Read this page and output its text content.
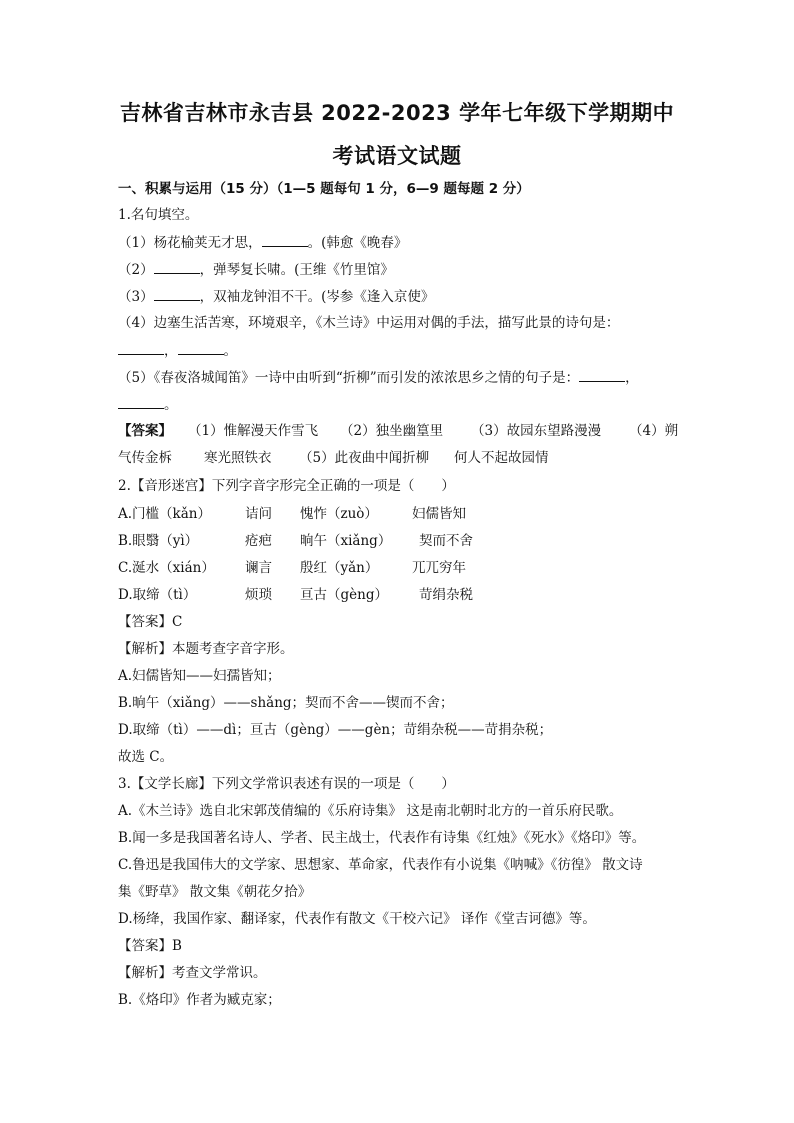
吉林省吉林市永吉县 2022-2023 学年七年级下学期期中
考试语文试题
一、积累与运用（15 分）（1—5 题每句 1 分，6—9 题每题 2 分）
1.名句填空。
（1）杨花榆荚无才思，	。(韩愈《晚春》
（2）	，弹琴复长啸。(王维《竹里馆》
（3）	，双袖龙钟泪不干。(岑参《逢入京使》
（4）边塞生活苦寒，环境艰辛，《木兰诗》中运用对偶的手法，描写此景的诗句是：
，	。
（5）《春夜洛城闻笛》一诗中由听到“折柳”而引发的浓浓思乡之情的句子是：	，
。
【答案】 （1）惟解漫天作雪飞 （2）独坐幽篁里 （3）故园东望路漫漫 （4）朔
气传金柝 寒光照铁衣 （5）此夜曲中闻折柳 何人不起故园情
2.【音形迷宫】下列字音字形完全正确的一项是（　　）
A.门槛（kǎn）	诘问 愧怍（zuò）	妇儒皆知
B.眼翳（yì）	疮疤 晌午（xiǎng） 契而不舍
C.涎水（xián） 谰言 殷红（yǎn） 兀兀穷年
D.取缔（tì）	烦琐 亘古（gèng） 苛绢杂税
【答案】C
【解析】本题考查字音字形。
A.妇儒皆知——妇孺皆知；
B.晌午（xiǎng）——shǎng；契而不舍——锲而不舍；
D.取缔（tì）——dì；亘古（gèng）——gèn；苛绢杂税——苛捐杂税；
故选 C。
3.【文学长廊】下列文学常识表述有误的一项是（　　）
A.《木兰诗》选自北宋郭茂倩编的《乐府诗集》 这是南北朝时北方的一首乐府民歌。
B.闻一多是我国著名诗人、学者、民主战士，代表作有诗集《红烛》《死水》《烙印》等。
C.鲁迅是我国伟大的文学家、思想家、革命家，代表作有小说集《呐喊》《彷徨》 散文诗
集《野草》 散文集《朝花夕拾》
D.杨绛，我国作家、翻译家，代表作有散文《干校六记》 译作《堂吉诃德》等。
【答案】B
【解析】考查文学常识。
B.《烙印》作者为臧克家；
